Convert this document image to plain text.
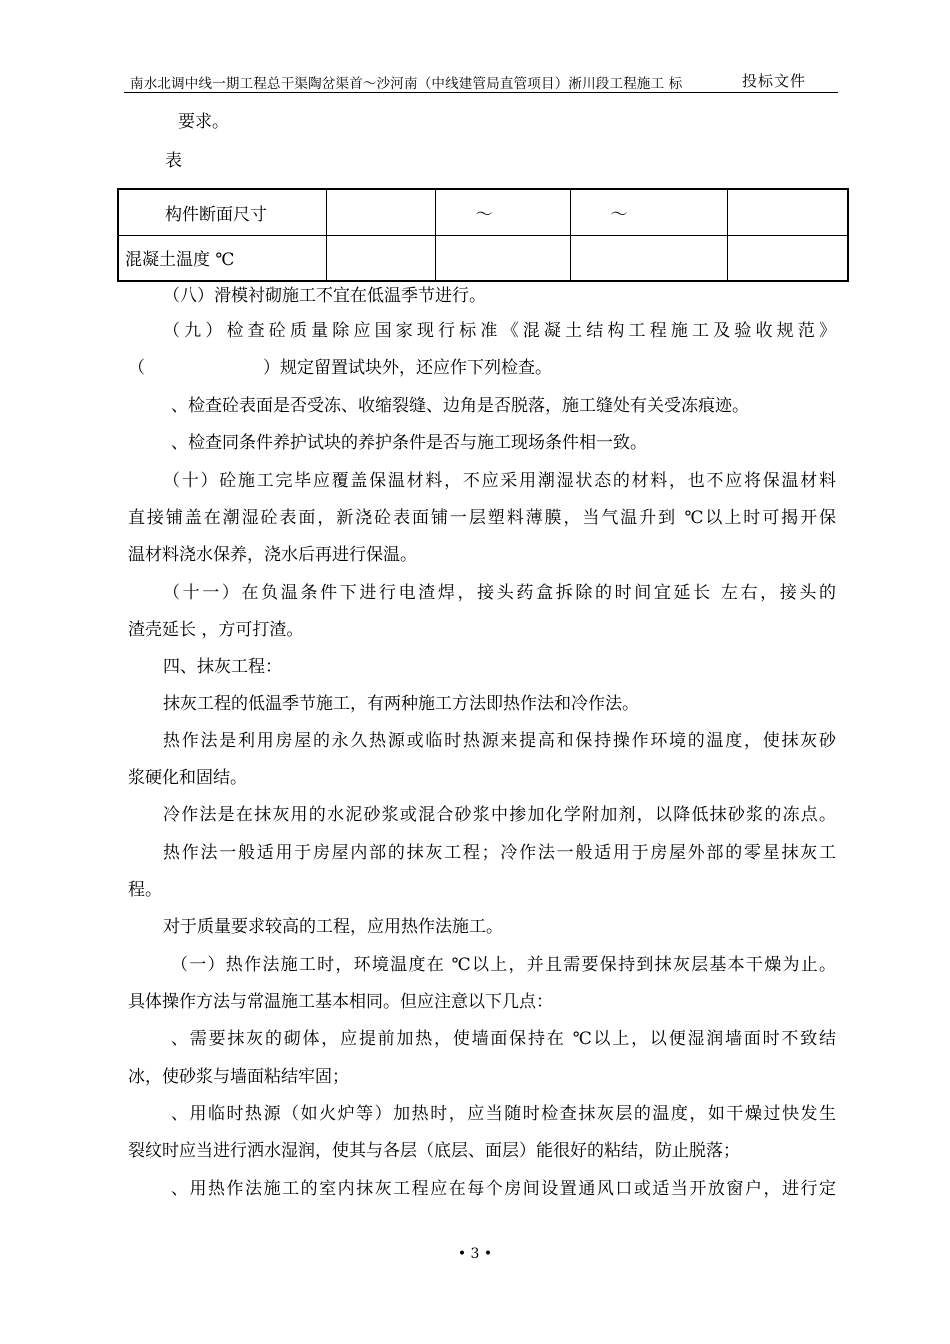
南水北调中线一期工程总干渠陶岔渠首～沙河南（中线建管局直管项目）淅川段工程施工 标	投标文件
要求。
表
构件断面尺寸		～	～	
混凝土温度 ℃				
（八）滑模衬砌施工不宜在低温季节进行。
（九）检查砼质量除应国家现行标准《混凝土结构工程施工及验收规范》
（	）规定留置试块外，还应作下列检查。
、检查砼表面是否受冻、收缩裂缝、边角是否脱落，施工缝处有关受冻痕迹。
、检查同条件养护试块的养护条件是否与施工现场条件相一致。
（十）砼施工完毕应覆盖保温材料，不应采用潮湿状态的材料，也不应将保温材料
直接铺盖在潮湿砼表面，新浇砼表面铺一层塑料薄膜，当气温升到 ℃以上时可揭开保
温材料浇水保养，浇水后再进行保温。
（十一）在负温条件下进行电渣焊，接头药盒拆除的时间宜延长 左右，接头的
渣壳延长 ，方可打渣。
四、抹灰工程：
抹灰工程的低温季节施工，有两种施工方法即热作法和冷作法。
热作法是利用房屋的永久热源或临时热源来提高和保持操作环境的温度，使抹灰砂
浆硬化和固结。
冷作法是在抹灰用的水泥砂浆或混合砂浆中掺加化学附加剂，以降低抹砂浆的冻点。
热作法一般适用于房屋内部的抹灰工程；冷作法一般适用于房屋外部的零星抹灰工
程。
对于质量要求较高的工程，应用热作法施工。
（一）热作法施工时，环境温度在 ℃以上，并且需要保持到抹灰层基本干燥为止。
具体操作方法与常温施工基本相同。但应注意以下几点：
、需要抹灰的砌体，应提前加热，使墙面保持在 ℃以上，以便湿润墙面时不致结
冰，使砂浆与墙面粘结牢固；
、用临时热源（如火炉等）加热时，应当随时检查抹灰层的温度，如干燥过快发生
裂纹时应当进行洒水湿润，使其与各层（底层、面层）能很好的粘结，防止脱落；
、用热作法施工的室内抹灰工程应在每个房间设置通风口或适当开放窗户，进行定
• 3 •
